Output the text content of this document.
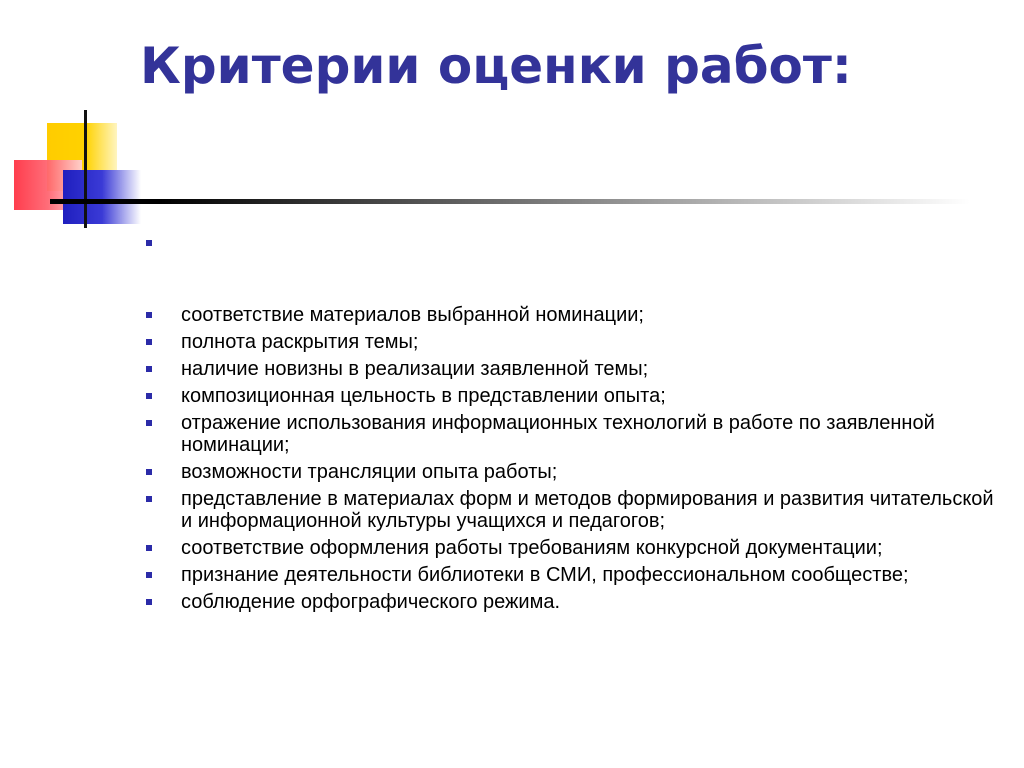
Критерии оценки работ:
соответствие материалов выбранной номинации;
полнота раскрытия темы;
наличие новизны в реализации заявленной темы;
композиционная цельность в представлении опыта;
отражение использования информационных технологий в работе по заявленной номинации;
возможности трансляции опыта работы;
представление в материалах форм и методов формирования и развития читательской и информационной культуры учащихся и педагогов;
соответствие оформления работы требованиям конкурсной документации;
признание деятельности библиотеки в СМИ, профессиональном сообществе;
соблюдение орфографического режима.
